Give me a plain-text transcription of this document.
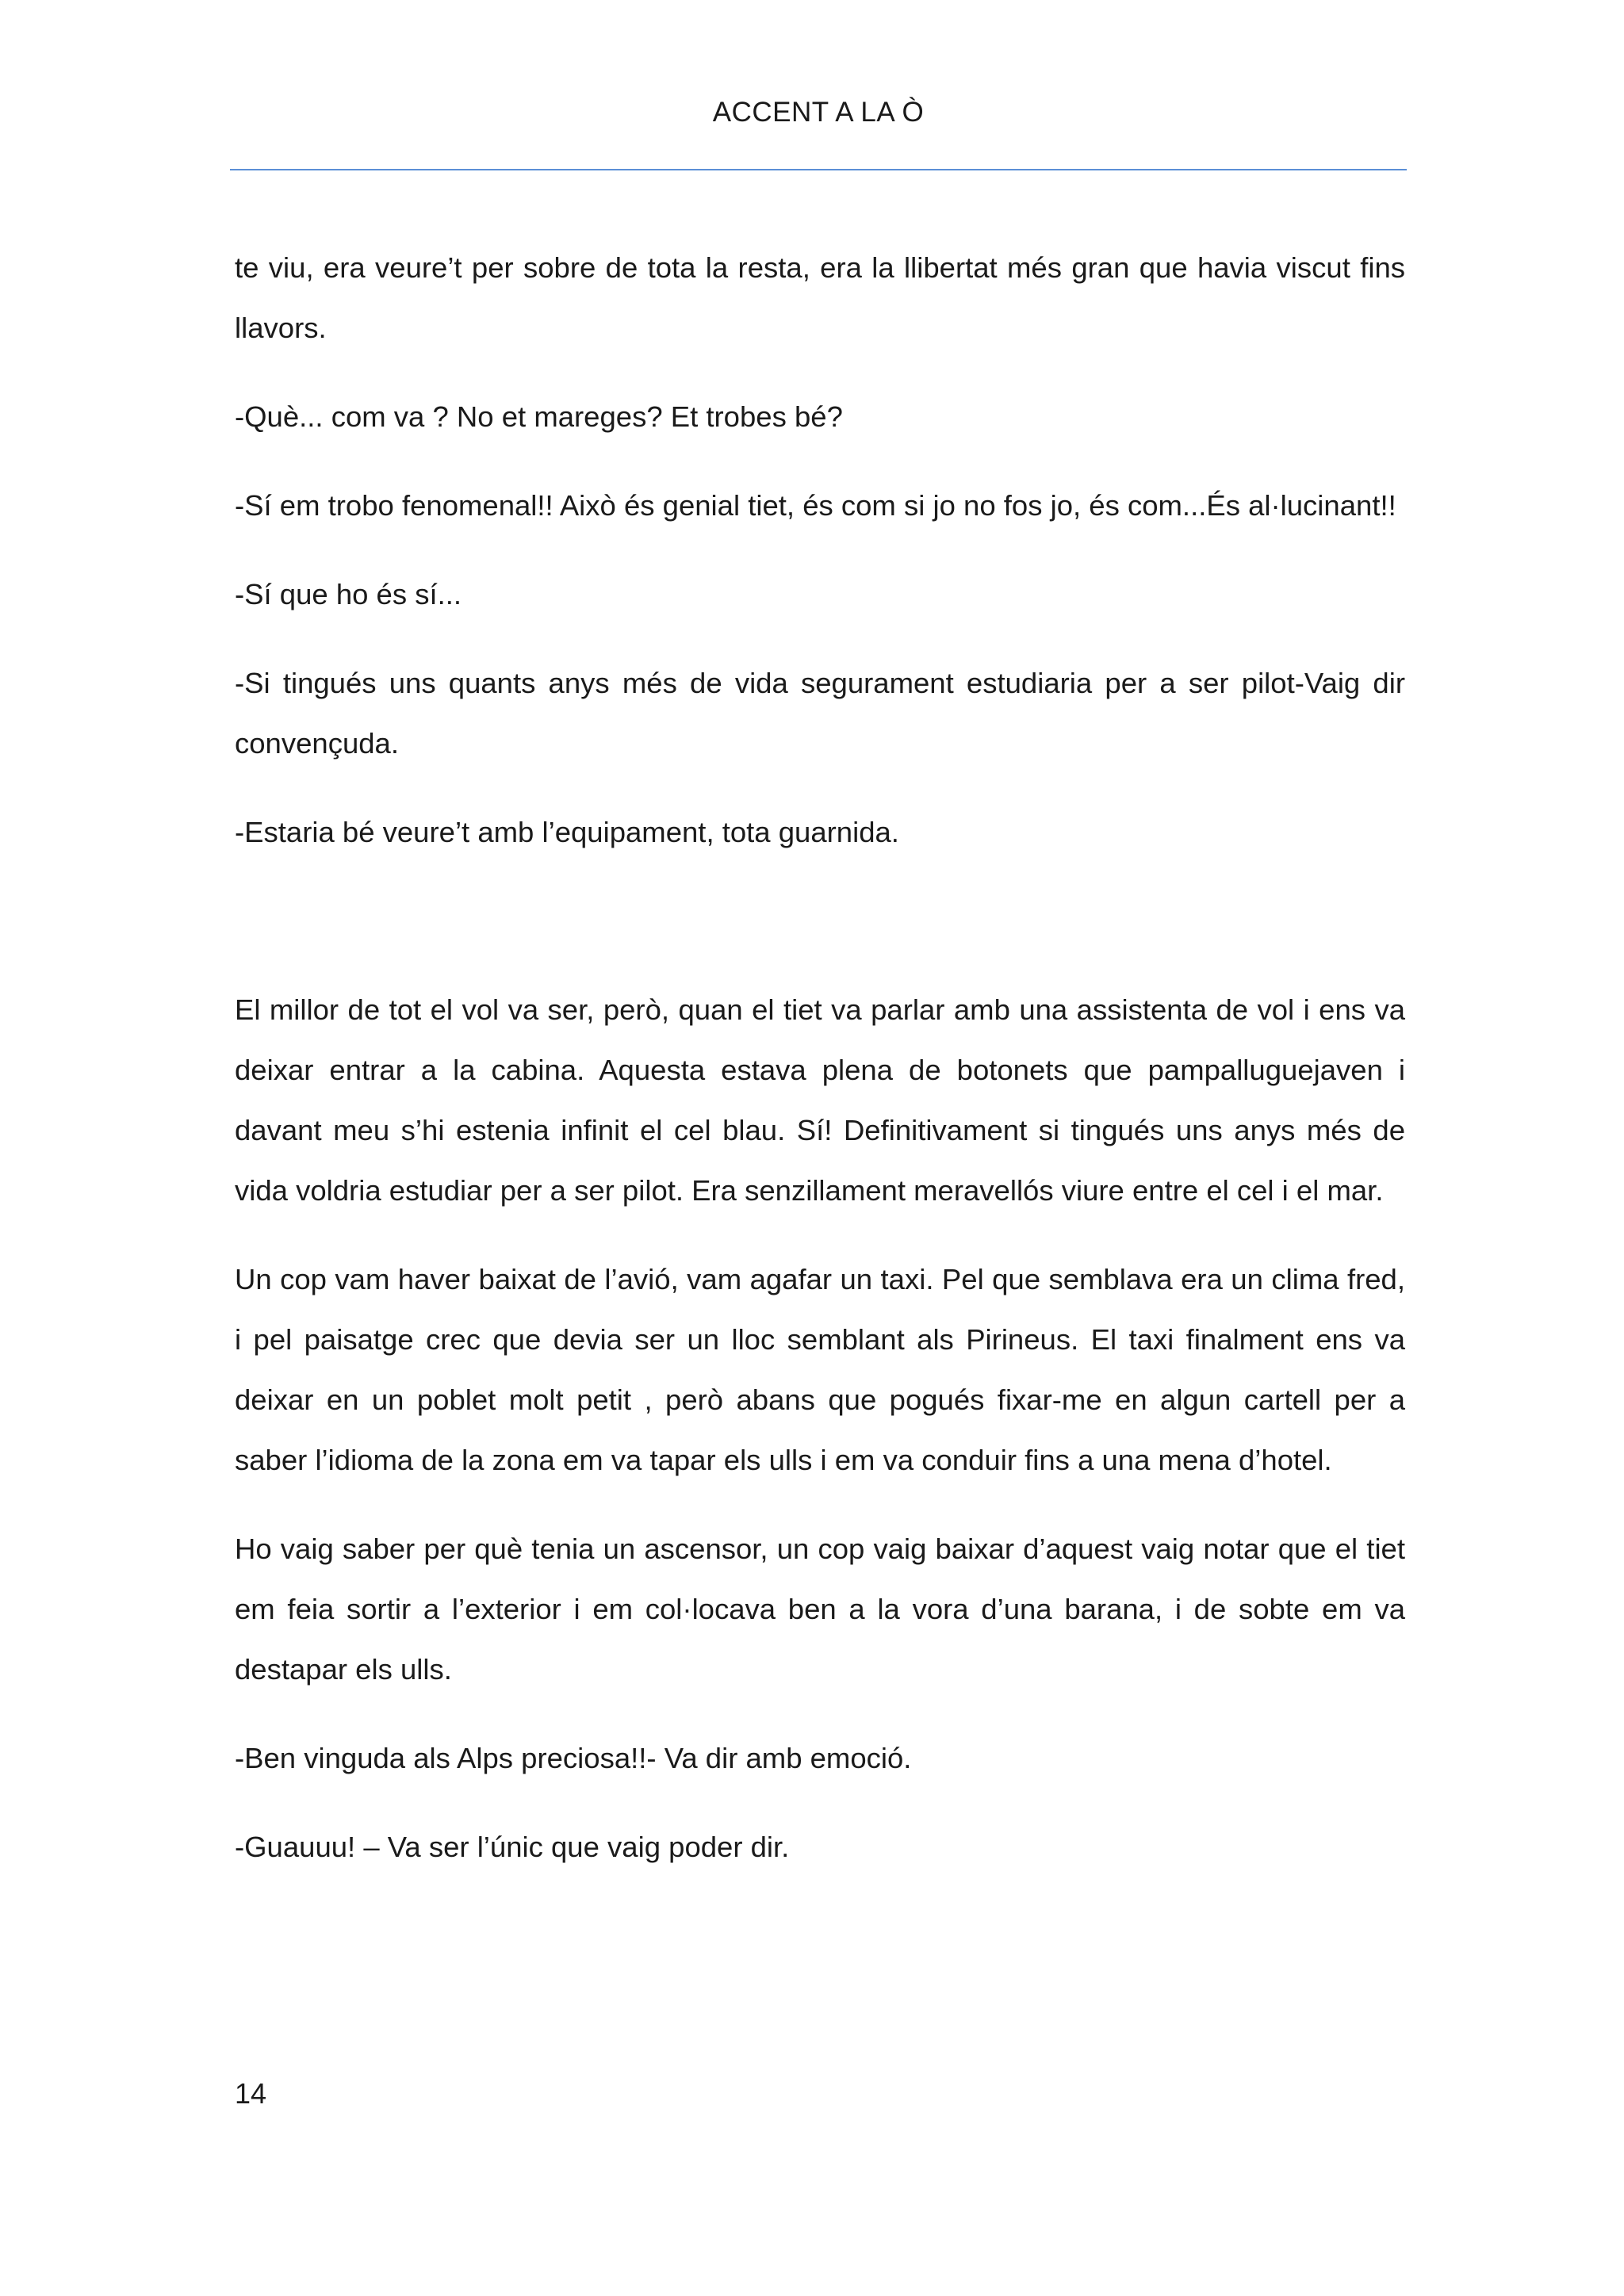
ACCENT A LA Ò

te viu, era veure’t per sobre de tota la resta, era la llibertat més gran que havia viscut fins llavors.

-Què... com va ? No et mareges? Et trobes bé?

-Sí em trobo fenomenal!! Això és genial tiet, és com si jo no fos jo, és com...És al·lucinant!!

-Sí que ho és sí...

-Si tingués uns quants anys més de vida segurament estudiaria per a ser pilot-Vaig dir convençuda.

-Estaria bé veure’t amb l’equipament, tota guarnida.

El millor de tot el vol va ser, però, quan el tiet va parlar amb una assistenta de vol i ens va deixar entrar a la cabina. Aquesta estava plena de botonets que pampalluguejaven i davant meu s’hi estenia infinit el cel blau. Sí! Definitivament si tingués uns anys més de vida voldria estudiar per a ser pilot. Era senzillament meravellós viure entre el cel i el mar.

Un cop vam haver baixat de l’avió, vam agafar un taxi. Pel que semblava era un clima fred, i pel paisatge crec que devia ser un lloc semblant als Pirineus. El taxi finalment ens va deixar en un poblet molt petit , però abans que pogués fixar-me en algun cartell per a saber l’idioma de la zona em va tapar els ulls i em va conduir fins a una mena d’hotel.

Ho vaig saber per què tenia un ascensor, un cop vaig baixar d’aquest vaig notar que el tiet em feia sortir a l’exterior i em col·locava ben a la vora d’una barana, i de sobte em va destapar els ulls.

-Ben vinguda als Alps preciosa!!- Va dir amb emoció.

-Guauuu! – Va ser l’únic que vaig poder dir.

14
